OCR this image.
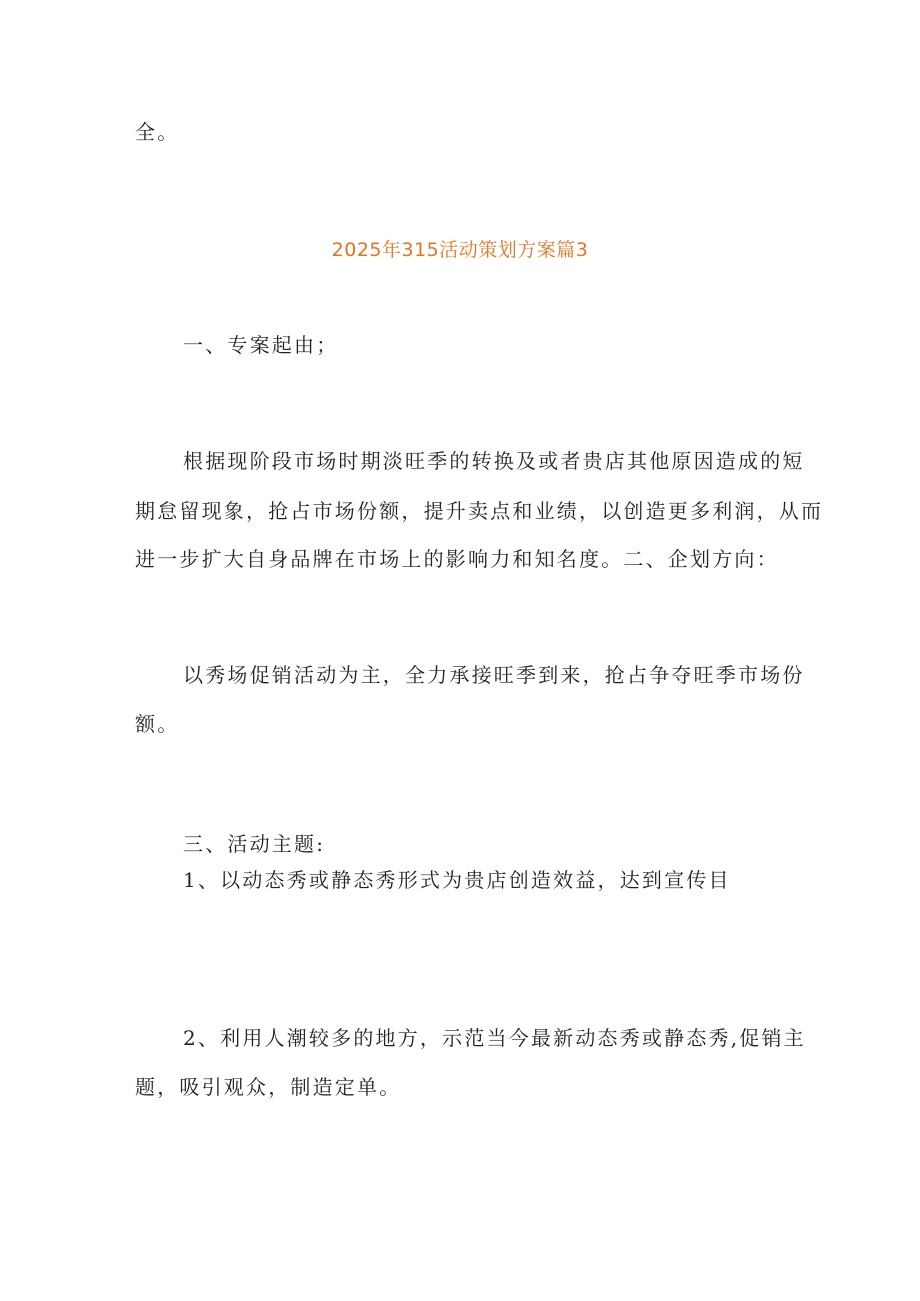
全。
2025年315活动策划方案篇3
一、专案起由；
根据现阶段市场时期淡旺季的转换及或者贵店其他原因造成的短
期怠留现象，抢占市场份额，提升卖点和业绩，以创造更多利润，从而
进一步扩大自身品牌在市场上的影响力和知名度。二、企划方向：
以秀场促销活动为主，全力承接旺季到来，抢占争夺旺季市场份
额。
三、活动主题:
1、以动态秀或静态秀形式为贵店创造效益，达到宣传目
2、利用人潮较多的地方，示范当今最新动态秀或静态秀,促销主
题，吸引观众，制造定单。
